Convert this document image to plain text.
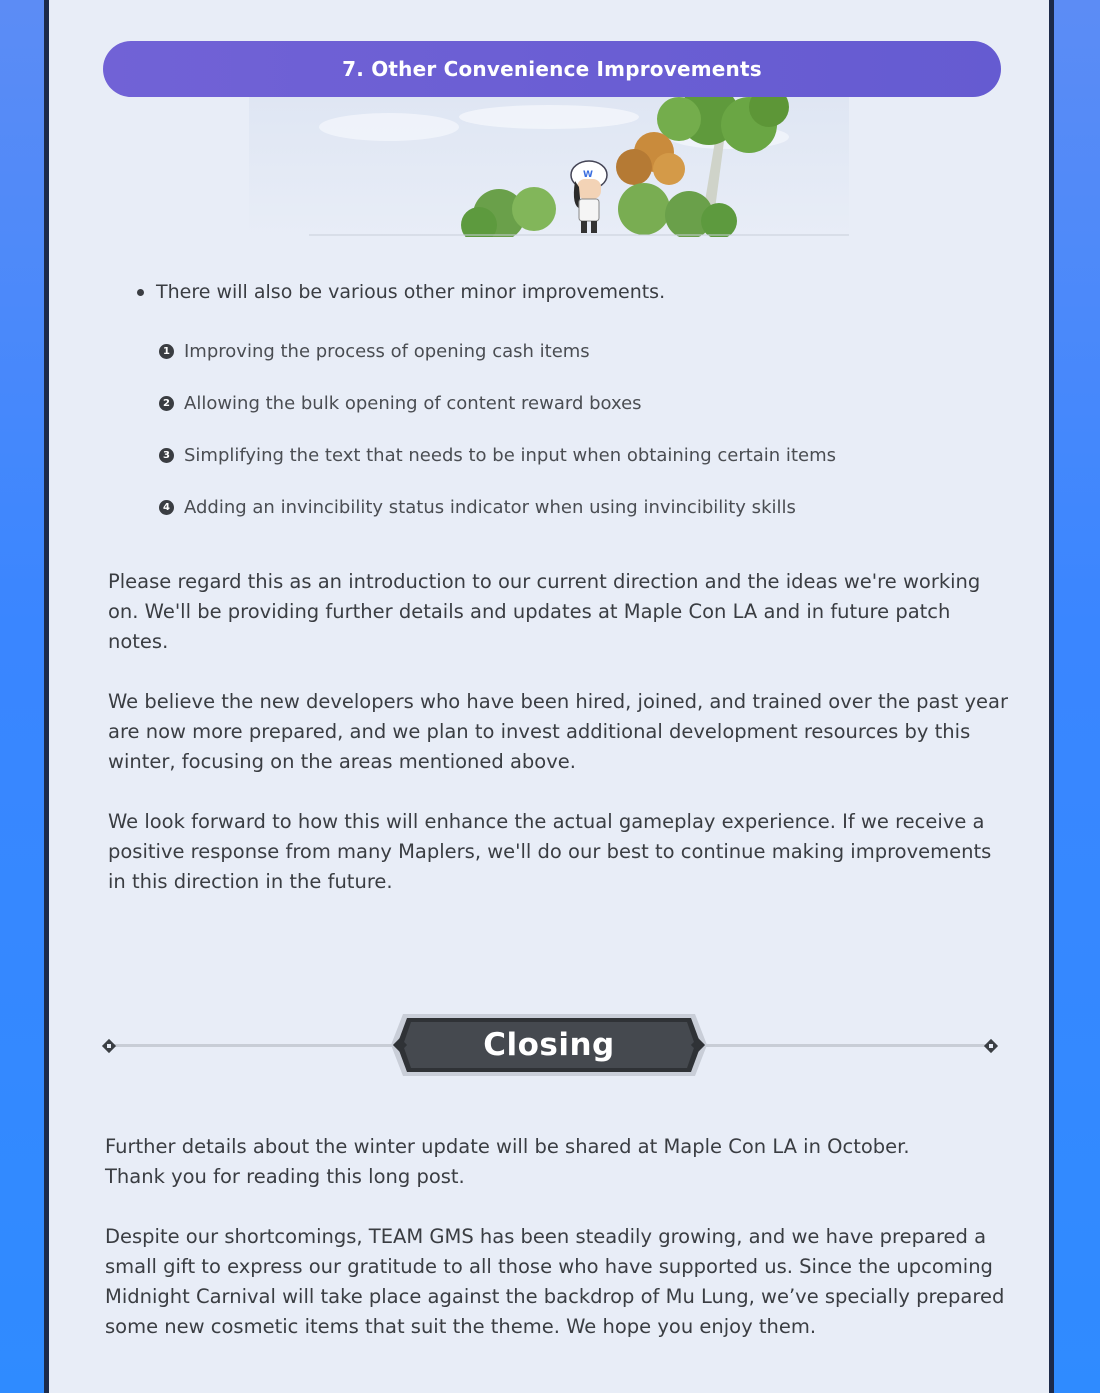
7. Other Convenience Improvements
W
There will also be various other minor improvements.
1 Improving the process of opening cash items
2 Allowing the bulk opening of content reward boxes
3 Simplifying the text that needs to be input when obtaining certain items
4 Adding an invincibility status indicator when using invincibility skills

Please regard this as an introduction to our current direction and the ideas we're working on. We'll be providing further details and updates at Maple Con LA and in future patch notes.

We believe the new developers who have been hired, joined, and trained over the past year are now more prepared, and we plan to invest additional development resources by this winter, focusing on the areas mentioned above.

We look forward to how this will enhance the actual gameplay experience. If we receive a positive response from many Maplers, we'll do our best to continue making improvements in this direction in the future.

Closing

Further details about the winter update will be shared at Maple Con LA in October.
Thank you for reading this long post.

Despite our shortcomings, TEAM GMS has been steadily growing, and we have prepared a small gift to express our gratitude to all those who have supported us. Since the upcoming Midnight Carnival will take place against the backdrop of Mu Lung, we’ve specially prepared some new cosmetic items that suit the theme. We hope you enjoy them.
